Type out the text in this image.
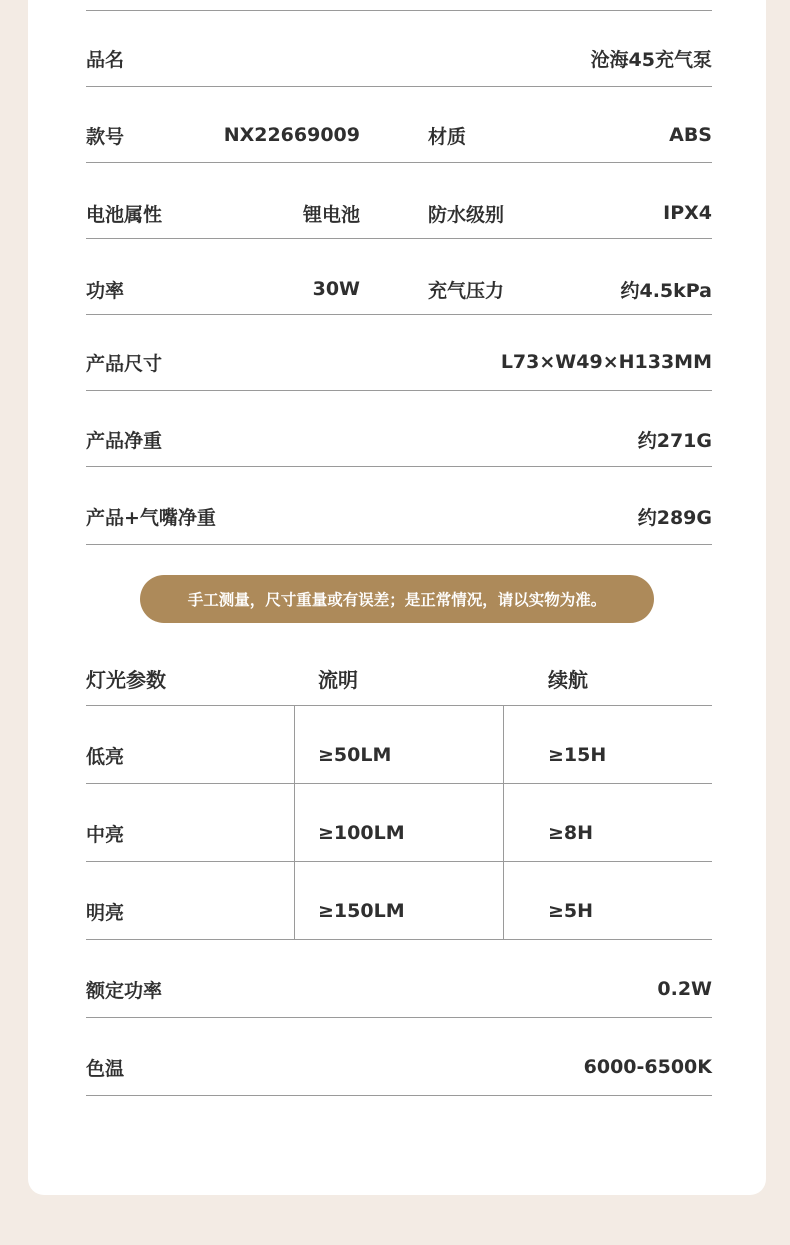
品名	沧海45充气泵
款号	NX22669009	材质	ABS
电池属性	锂电池	防水级别	IPX4
功率	30W	充气压力	约4.5kPa
产品尺寸	L73×W49×H133MM
产品净重	约271G
产品+气嘴净重	约289G
手工测量，尺寸重量或有误差；是正常情况，请以实物为准。
灯光参数	流明	续航
低亮	≥50LM	≥15H
中亮	≥100LM	≥8H
明亮	≥150LM	≥5H
额定功率	0.2W
色温	6000-6500K
